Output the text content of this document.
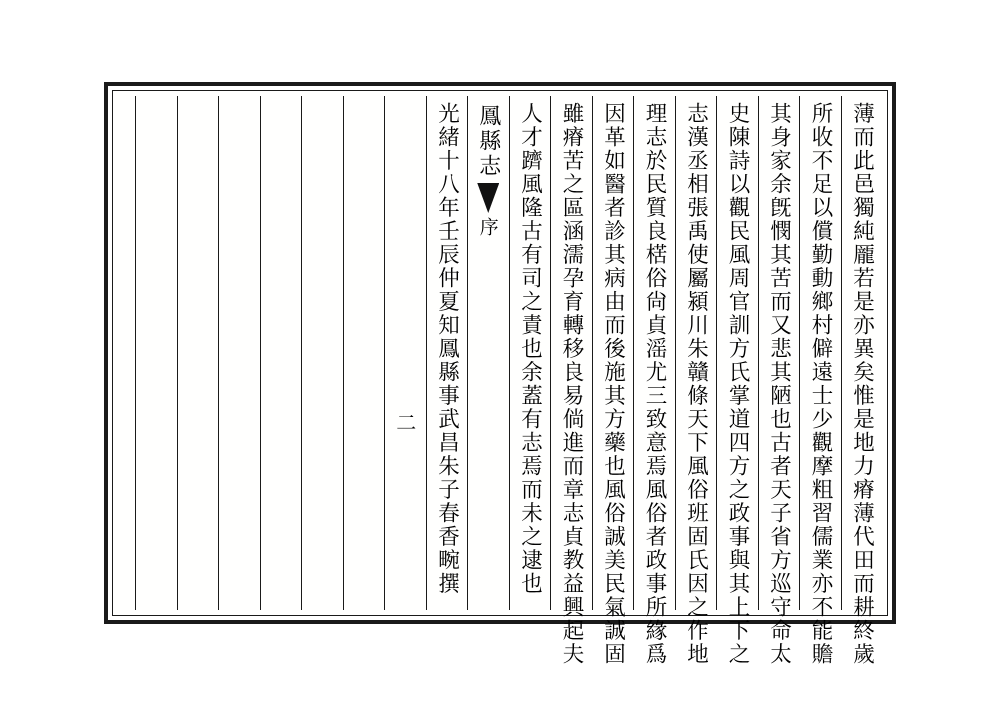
薄而此邑獨純龎若是亦異矣惟是地力瘠薄代田而耕終歲
所收不足以償勤動鄉村僻遠士少觀摩粗習儒業亦不能贍
其身家余旣憫其苦而又悲其陋也古者天子省方巡守命太
史陳詩以觀民風周官訓方氏掌道四方之政事與其上下之
志漢丞相張禹使屬潁川朱贛條天下風俗班固氏因之作地
理志於民質良楛俗尙貞滛尤三致意焉風俗者政事所緣爲
因革如醫者診其病由而後施其方藥也風俗誠美民氣誠固
雖瘠苦之區涵濡孕育轉移良易倘進而章志貞教益興起夫
人才躋風隆古有司之責也余蓋有志焉而未之逮也
鳳縣志
序
光緒十八年壬辰仲夏知鳳縣事武昌朱子春香畹撰
二
